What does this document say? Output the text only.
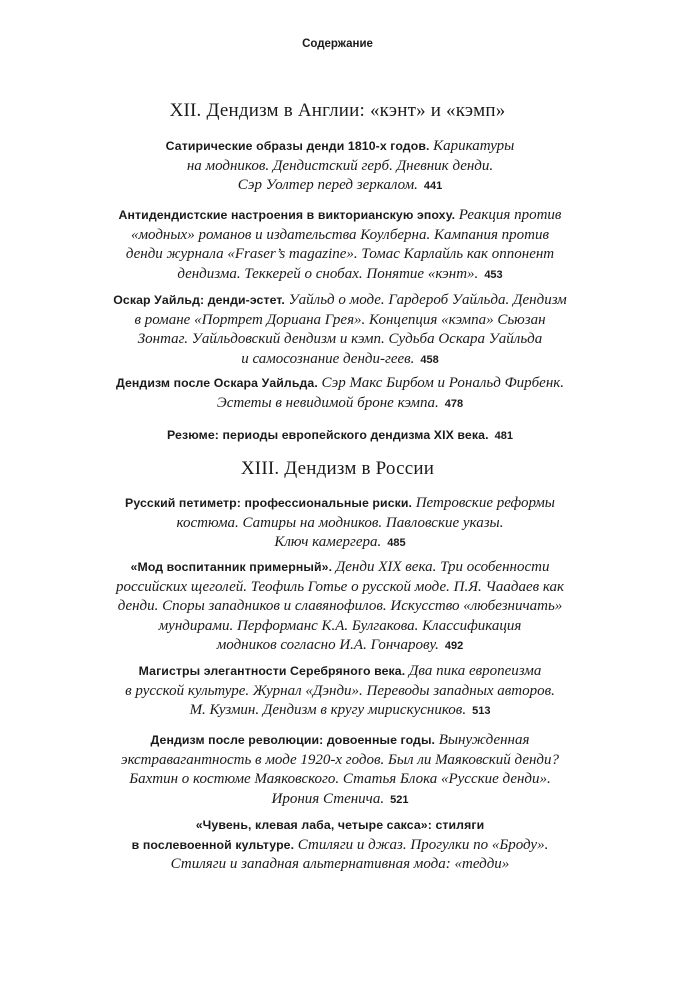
Содержание
XII. Дендизм в Англии: «кэнт» и «кэмп»
Сатирические образы денди 1810-х годов. Карикатуры
на модников. Дендистский герб. Дневник денди.
Сэр Уолтер перед зеркалом. 441
Антидендистские настроения в викторианскую эпоху. Реакция против
«модных» романов и издательства Коулберна. Кампания против
денди журнала «Fraser’s magazine». Томас Карлайль как оппонент
дендизма. Теккерей о снобах. Понятие «кэнт». 453
Оскар Уайльд: денди-эстет. Уайльд о моде. Гардероб Уайльда. Дендизм
в романе «Портрет Дориана Грея». Концепция «кэмпа» Сьюзан
Зонтаг. Уайльдовский дендизм и кэмп. Судьба Оскара Уайльда
и самосознание денди-геев. 458
Дендизм после Оскара Уайльда. Сэр Макс Бирбом и Рональд Фирбенк.
Эстеты в невидимой броне кэмпа. 478
Резюме: периоды европейского дендизма XIX века. 481
XIII. Дендизм в России
Русский петиметр: профессиональные риски. Петровские реформы
костюма. Сатиры на модников. Павловские указы.
Ключ камергера. 485
«Мод воспитанник примерный». Денди XIX века. Три особенности
российских щеголей. Теофиль Готье о русской моде. П.Я. Чаадаев как
денди. Споры западников и славянофилов. Искусство «любезничать»
мундирами. Перформанс К.А. Булгакова. Классификация
модников согласно И.А. Гончарову. 492
Магистры элегантности Серебряного века. Два пика европеизма
в русской культуре. Журнал «Дэнди». Переводы западных авторов.
М. Кузмин. Дендизм в кругу мирискусников. 513
Дендизм после революции: довоенные годы. Вынужденная
экстравагантность в моде 1920-х годов. Был ли Маяковский денди?
Бахтин о костюме Маяковского. Статья Блока «Русские денди».
Ирония Стенича. 521
«Чувень, клевая лаба, четыре сакса»: стиляги
в послевоенной культуре. Стиляги и джаз. Прогулки по «Броду».
Стиляги и западная альтернативная мода: «тедди»
